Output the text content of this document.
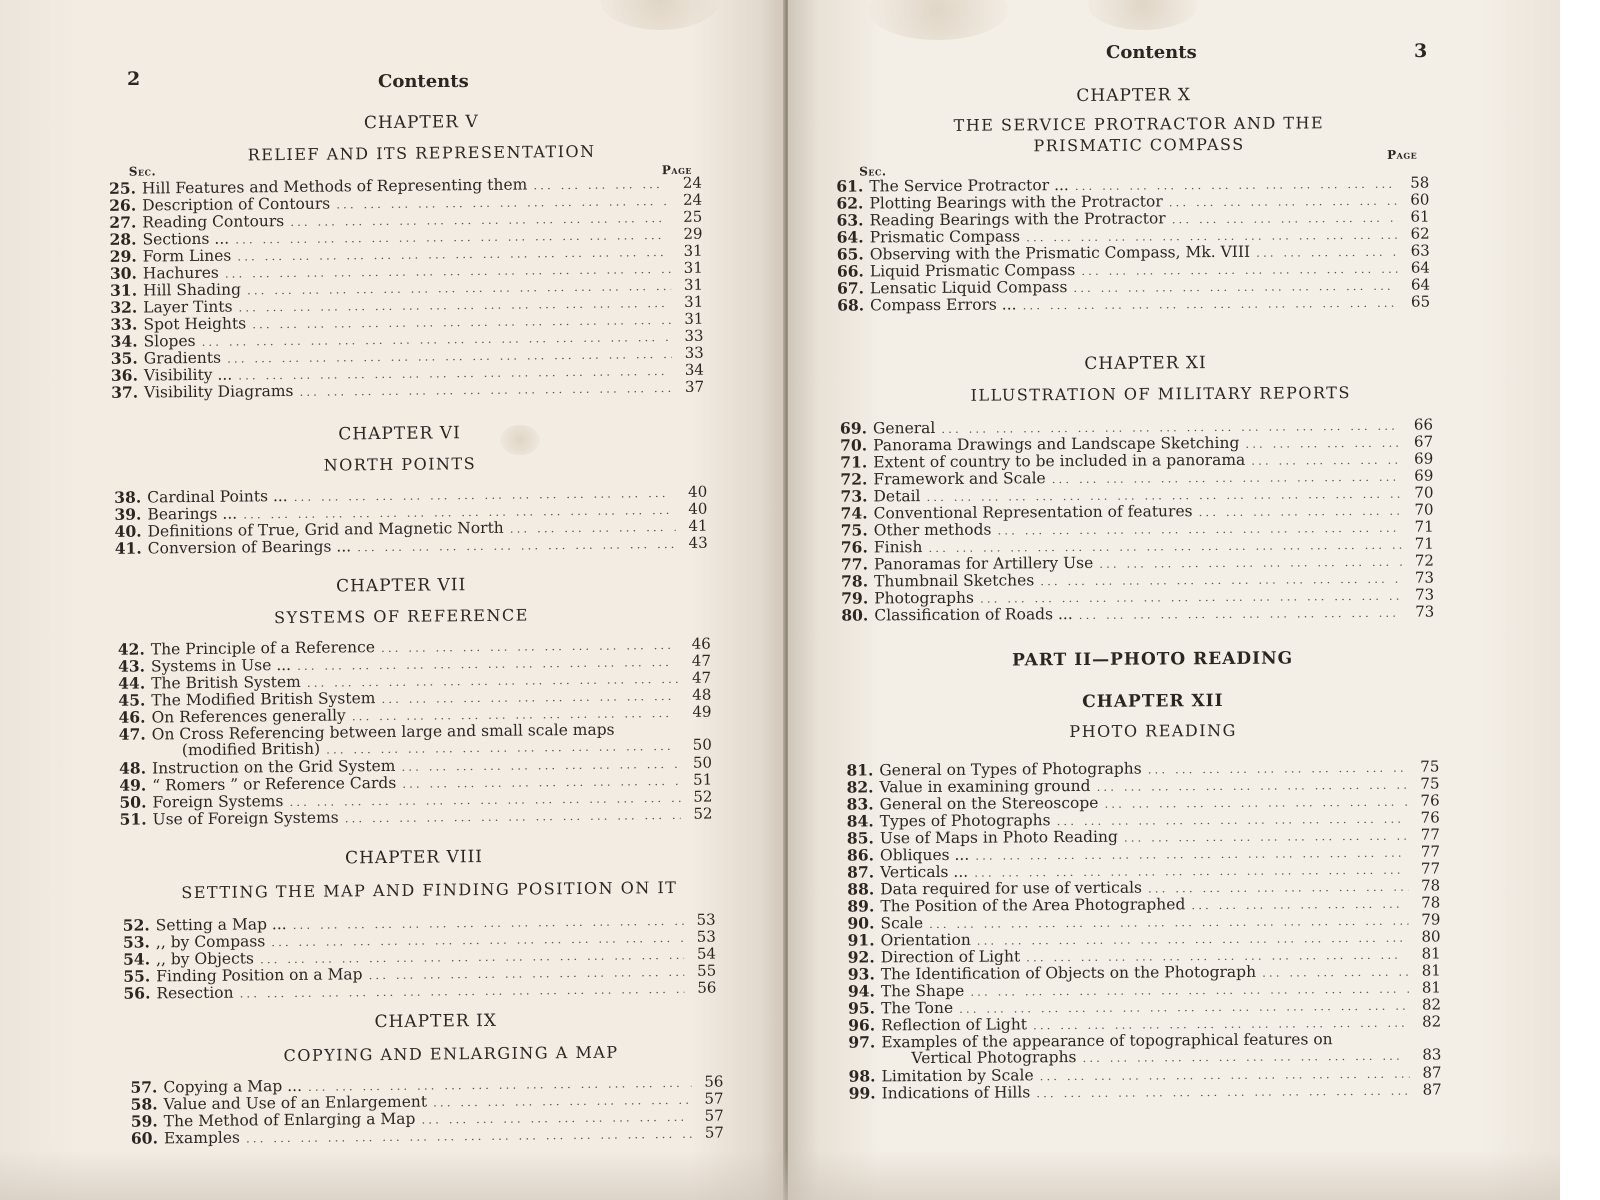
2	Contents
CHAPTER V
RELIEF AND ITS REPRESENTATION
Sec.	Page
25. Hill Features and Methods of Representing them ... .	24
26. Description of Contours ... .	24
27. Reading Contours ... .	25
28. Sections ... ... .	29
29. Form Lines ... .	31
30. Hachures ... .	31
31. Hill Shading ... .	31
32. Layer Tints ... .	31
33. Spot Heights ... .	31
34. Slopes ... .	33
35. Gradients ... .	33
36. Visibility ... ... .	34
37. Visibility Diagrams ... .	37
CHAPTER VI
NORTH POINTS
38. Cardinal Points ... ... .	40
39. Bearings ... ... .	40
40. Definitions of True, Grid and Magnetic North ... .	41
41. Conversion of Bearings ... ... .	43
CHAPTER VII
SYSTEMS OF REFERENCE
42. The Principle of a Reference ... .	46
43. Systems in Use ... ... .	47
44. The British System ... .	47
45. The Modified British System ... .	48
46. On References generally ... .	49
47. On Cross Referencing between large and small scale maps
(modified British) ... .	50
48. Instruction on the Grid System ... .	50
49. “ Romers ” or Reference Cards ... .	51
50. Foreign Systems ... .	52
51. Use of Foreign Systems ... .	52
CHAPTER VIII
SETTING THE MAP AND FINDING POSITION ON IT
52. Setting a Map ... ... .	53
53. ,, by Compass ... .	53
54. ,, by Objects ... .	54
55. Finding Position on a Map ... .	55
56. Resection ... .	56
CHAPTER IX
COPYING AND ENLARGING A MAP
57. Copying a Map ... ... .	56
58. Value and Use of an Enlargement ... .	57
59. The Method of Enlarging a Map ... .	57
60. Examples ... .	57
Contents	3
CHAPTER X
THE SERVICE PROTRACTOR AND THE PRISMATIC COMPASS
Sec.
Page
61. The Service Protractor ... ... .	58
62. Plotting Bearings with the Protractor ... .	60
63. Reading Bearings with the Protractor ... .	61
64. Prismatic Compass ... .	62
65. Observing with the Prismatic Compass, Mk. VIII ... .	63
66. Liquid Prismatic Compass ... .	64
67. Lensatic Liquid Compass ... .	64
68. Compass Errors ... ... .	65
CHAPTER XI
ILLUSTRATION OF MILITARY REPORTS
69. General ... .	66
70. Panorama Drawings and Landscape Sketching ... .	67
71. Extent of country to be included in a panorama ... .	69
72. Framework and Scale ... .	69
73. Detail ... .	70
74. Conventional Representation of features ... .	70
75. Other methods ... .	71
76. Finish ... .	71
77. Panoramas for Artillery Use ... .	72
78. Thumbnail Sketches ... .	73
79. Photographs ... .	73
80. Classification of Roads ... ... .	73
PART II—PHOTO READING
CHAPTER XII
PHOTO READING
81. General on Types of Photographs ... .	75
82. Value in examining ground ... .	75
83. General on the Stereoscope ... .	76
84. Types of Photographs ... .	76
85. Use of Maps in Photo Reading ... .	77
86. Obliques ... ... .	77
87. Verticals ... ... .	77
88. Data required for use of verticals ... .	78
89. The Position of the Area Photographed ... .	78
90. Scale ... .	79
91. Orientation ... .	80
92. Direction of Light ... .	81
93. The Identification of Objects on the Photograph ... .	81
94. The Shape ... .	81
95. The Tone ... .	82
96. Reflection of Light ... .	82
97. Examples of the appearance of topographical features on
Vertical Photographs ... .	83
98. Limitation by Scale ... .	87
99. Indications of Hills ... .	87
